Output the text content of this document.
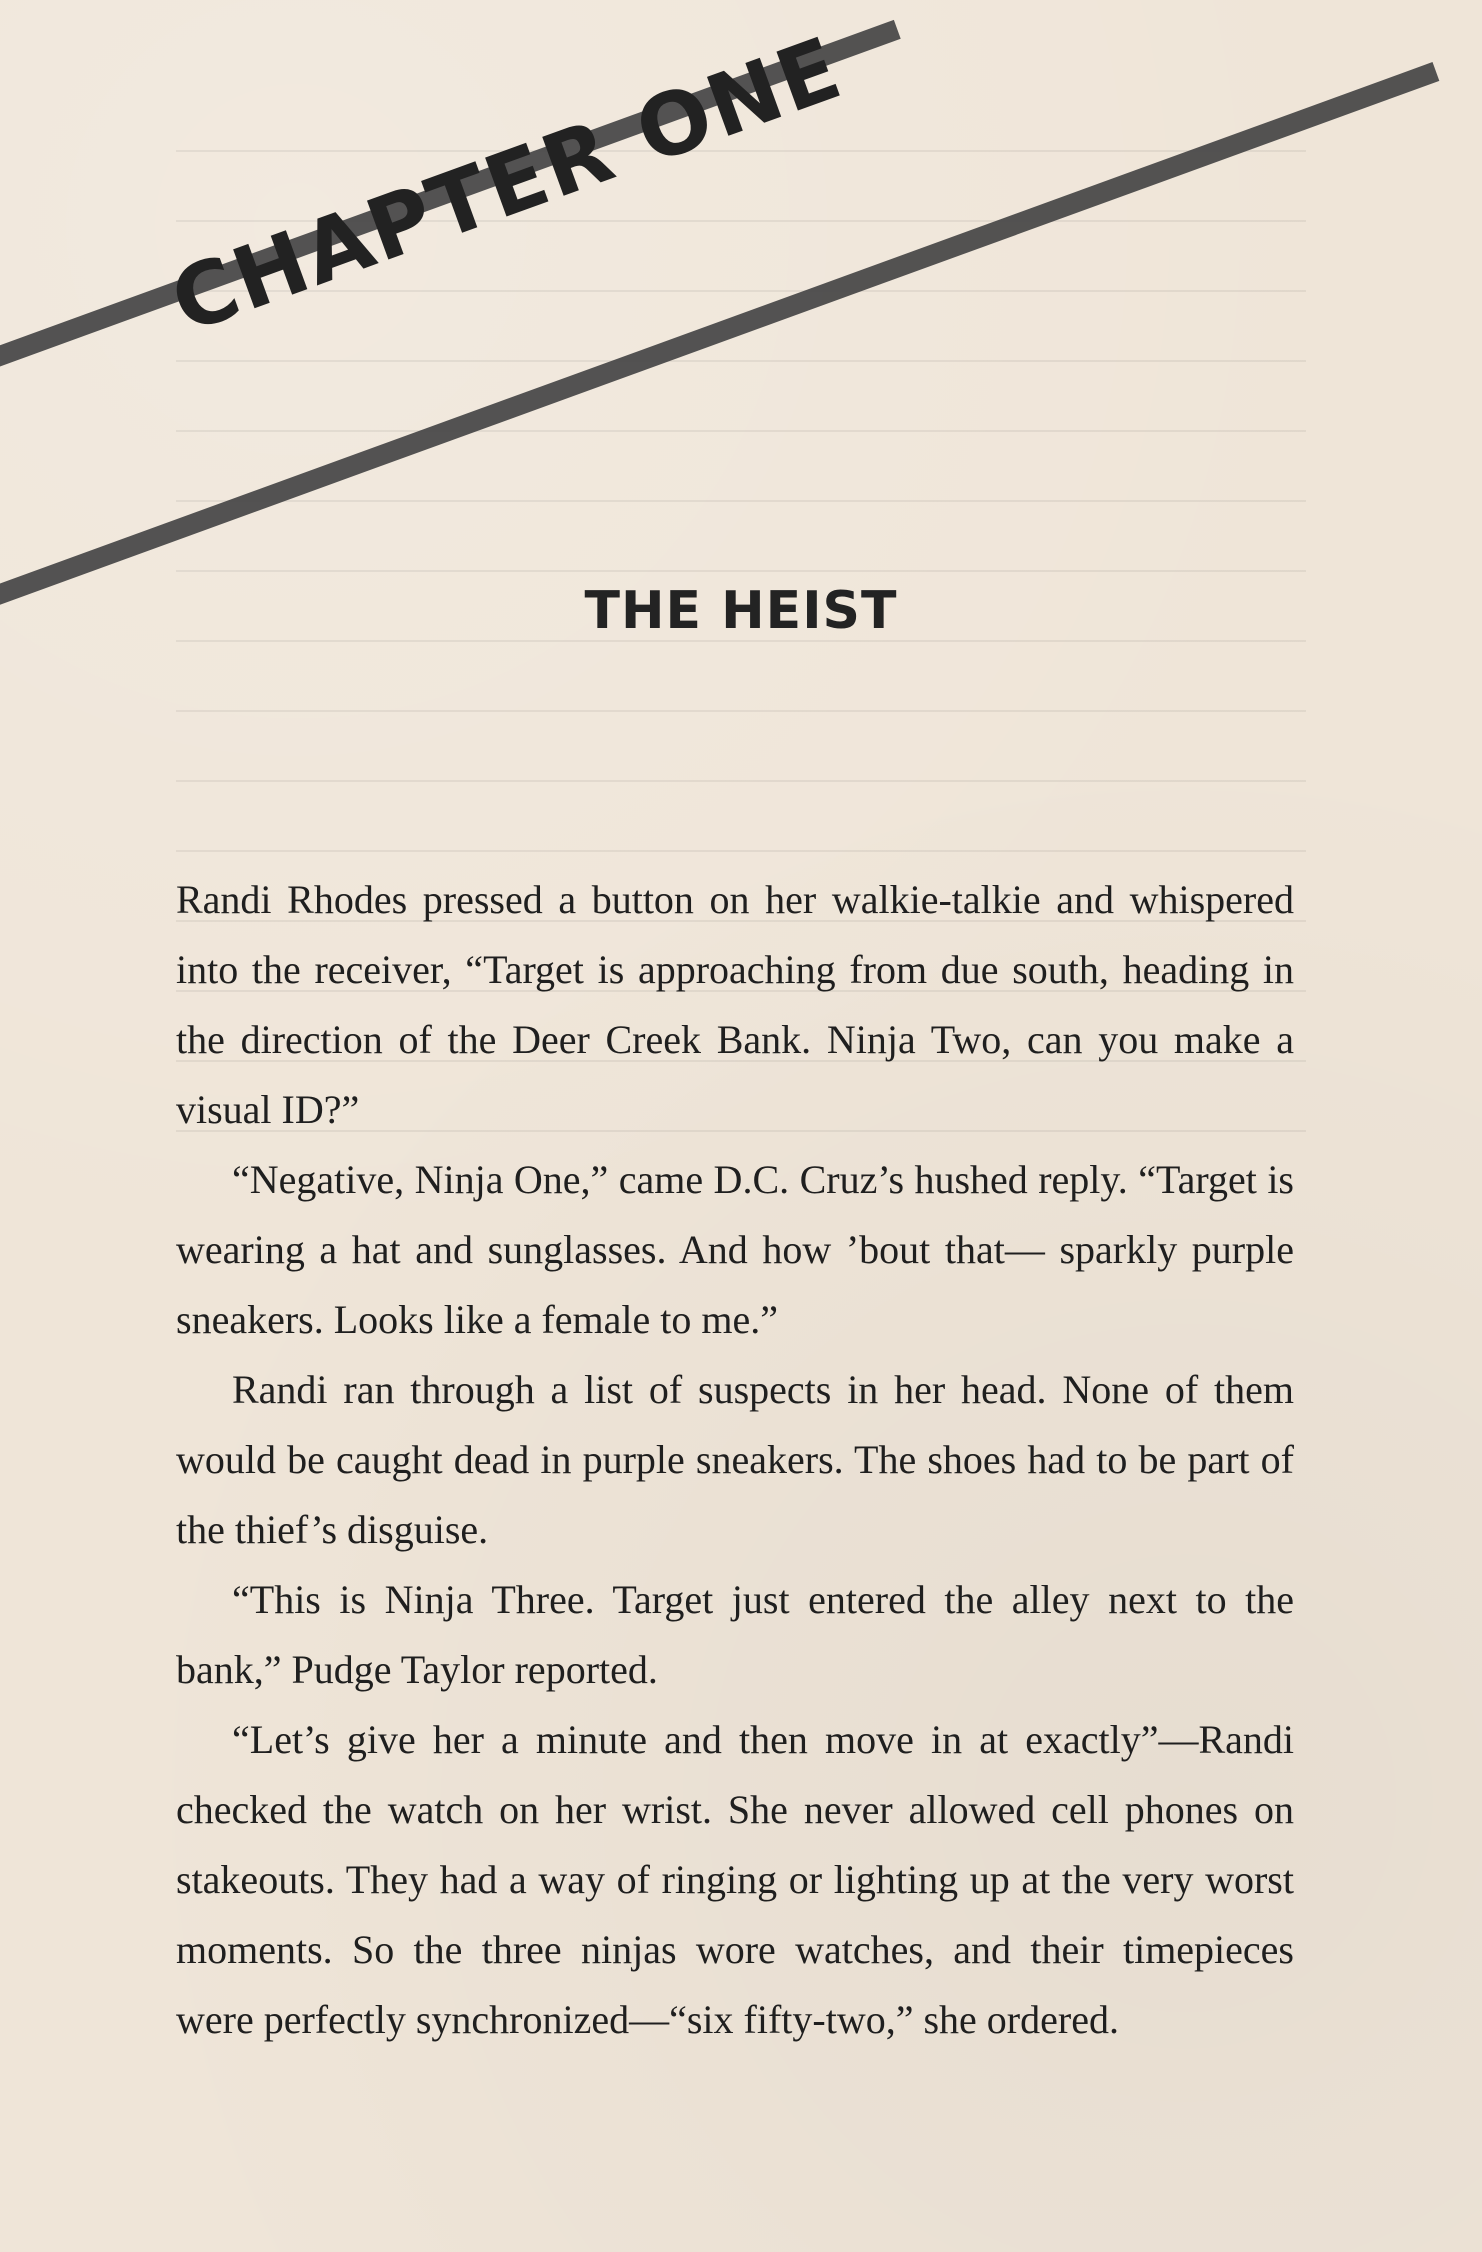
CHAPTER ONE
THE HEIST

Randi Rhodes pressed a button on her walkie-talkie and whispered into the receiver, “Target is approaching from due south, heading in the direction of the Deer Creek Bank. Ninja Two, can you make a visual ID?”

“Negative, Ninja One,” came D.C. Cruz’s hushed reply. “Target is wearing a hat and sunglasses. And how ’bout that— sparkly purple sneakers. Looks like a female to me.”

Randi ran through a list of suspects in her head. None of them would be caught dead in purple sneakers. The shoes had to be part of the thief’s disguise.

“This is Ninja Three. Target just entered the alley next to the bank,” Pudge Taylor reported.

“Let’s give her a minute and then move in at exactly”—Randi checked the watch on her wrist. She never allowed cell phones on stakeouts. They had a way of ringing or lighting up at the very worst moments. So the three ninjas wore watches, and their timepieces were perfectly synchronized—“six fifty-two,” she ordered.
